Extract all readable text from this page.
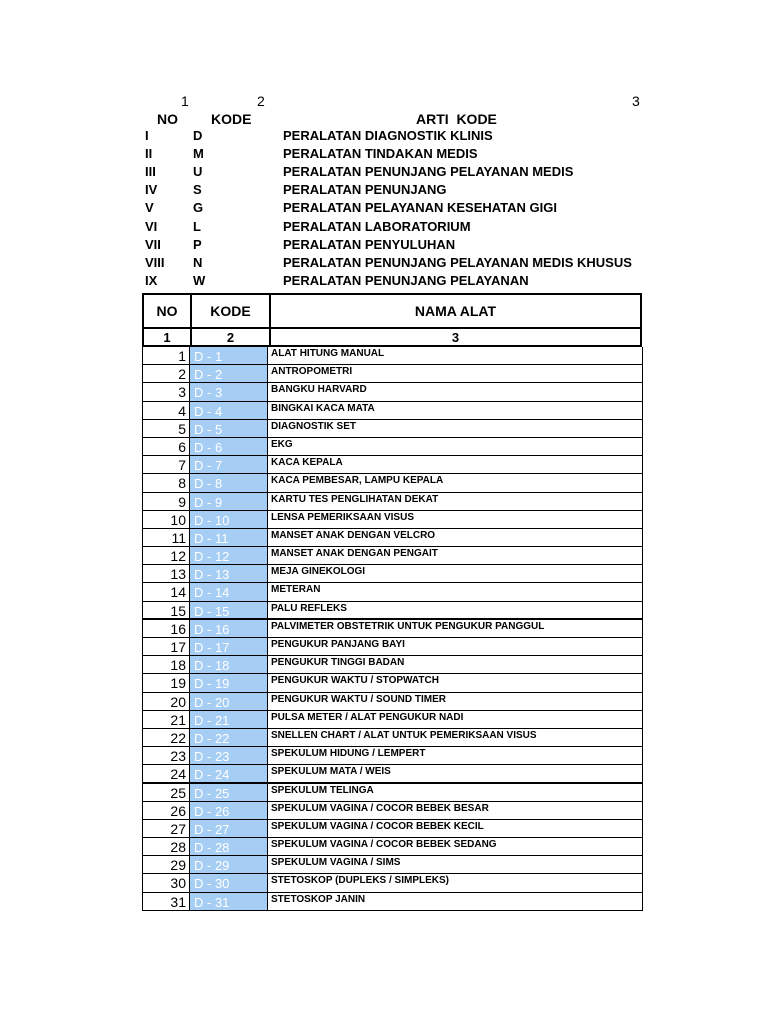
1	2	3
NO KODE	ARTI  KODE
I	D	PERALATAN DIAGNOSTIK KLINIS
II	M	PERALATAN TINDAKAN MEDIS
III	U	PERALATAN PENUNJANG PELAYANAN MEDIS
IV	S	PERALATAN PENUNJANG
V	G	PERALATAN PELAYANAN KESEHATAN GIGI
VI	L	PERALATAN LABORATORIUM
VII P	PERALATAN PENYULUHAN
VIII N	PERALATAN PENUNJANG PELAYANAN MEDIS KHUSUS
IX	W	PERALATAN PENUNJANG PELAYANAN
NO	KODE	NAMA ALAT
1	2	3
1 D - 1	ALAT HITUNG MANUAL
2 D - 2	ANTROPOMETRI
3 D - 3	BANGKU HARVARD
4 D - 4	BINGKAI KACA MATA
5 D - 5	DIAGNOSTIK SET
6 D - 6	EKG
7 D - 7	KACA KEPALA
8 D - 8	KACA PEMBESAR, LAMPU KEPALA
9 D - 9	KARTU TES PENGLIHATAN DEKAT
10 D - 10	LENSA PEMERIKSAAN VISUS
11 D - 11	MANSET ANAK DENGAN VELCRO
12 D - 12	MANSET ANAK DENGAN PENGAIT
13 D - 13	MEJA GINEKOLOGI
14 D - 14	METERAN
15 D - 15	PALU REFLEKS
16 D - 16	PALVIMETER OBSTETRIK UNTUK PENGUKUR PANGGUL
17 D - 17	PENGUKUR PANJANG BAYI
18 D - 18	PENGUKUR TINGGI BADAN
19 D - 19	PENGUKUR WAKTU / STOPWATCH
20 D - 20	PENGUKUR WAKTU / SOUND TIMER
21 D - 21	PULSA METER / ALAT PENGUKUR NADI
22 D - 22	SNELLEN CHART / ALAT UNTUK PEMERIKSAAN VISUS
23 D - 23	SPEKULUM HIDUNG / LEMPERT
24 D - 24	SPEKULUM MATA / WEIS
25 D - 25	SPEKULUM TELINGA
26 D - 26	SPEKULUM VAGINA / COCOR BEBEK BESAR
27 D - 27	SPEKULUM VAGINA / COCOR BEBEK KECIL
28 D - 28	SPEKULUM VAGINA / COCOR BEBEK SEDANG
29 D - 29	SPEKULUM VAGINA / SIMS
30 D - 30	STETOSKOP (DUPLEKS / SIMPLEKS)
31 D - 31	STETOSKOP JANIN
